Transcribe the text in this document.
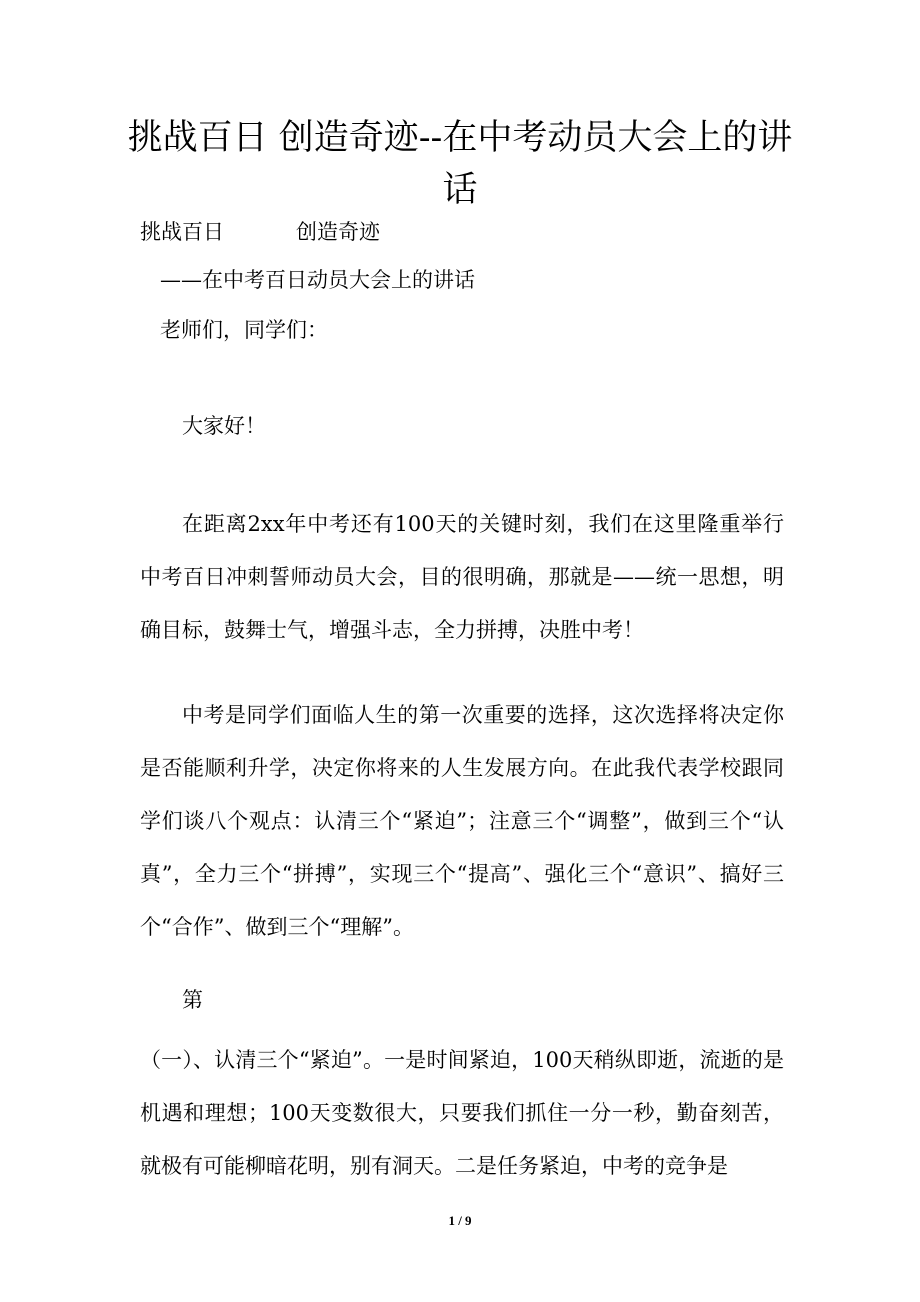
挑战百日 创造奇迹--在中考动员大会上的讲话

挑战百日	创造奇迹

——在中考百日动员大会上的讲话

老师们，同学们：

大家好！

在距离2xx年中考还有100天的关键时刻，我们在这里隆重举行中考百日冲刺誓师动员大会，目的很明确，那就是——统一思想，明确目标，鼓舞士气，增强斗志，全力拼搏，决胜中考！

中考是同学们面临人生的第一次重要的选择，这次选择将决定你是否能顺利升学，决定你将来的人生发展方向。在此我代表学校跟同学们谈八个观点：认清三个“紧迫”；注意三个“调整”，做到三个“认真”，全力三个“拼搏”，实现三个“提高”、强化三个“意识”、搞好三个“合作”、做到三个“理解”。

第

（一）、认清三个“紧迫”。一是时间紧迫，100天稍纵即逝，流逝的是机遇和理想；100天变数很大，只要我们抓住一分一秒，勤奋刻苦，就极有可能柳暗花明，别有洞天。二是任务紧迫，中考的竞争是

1 / 9
